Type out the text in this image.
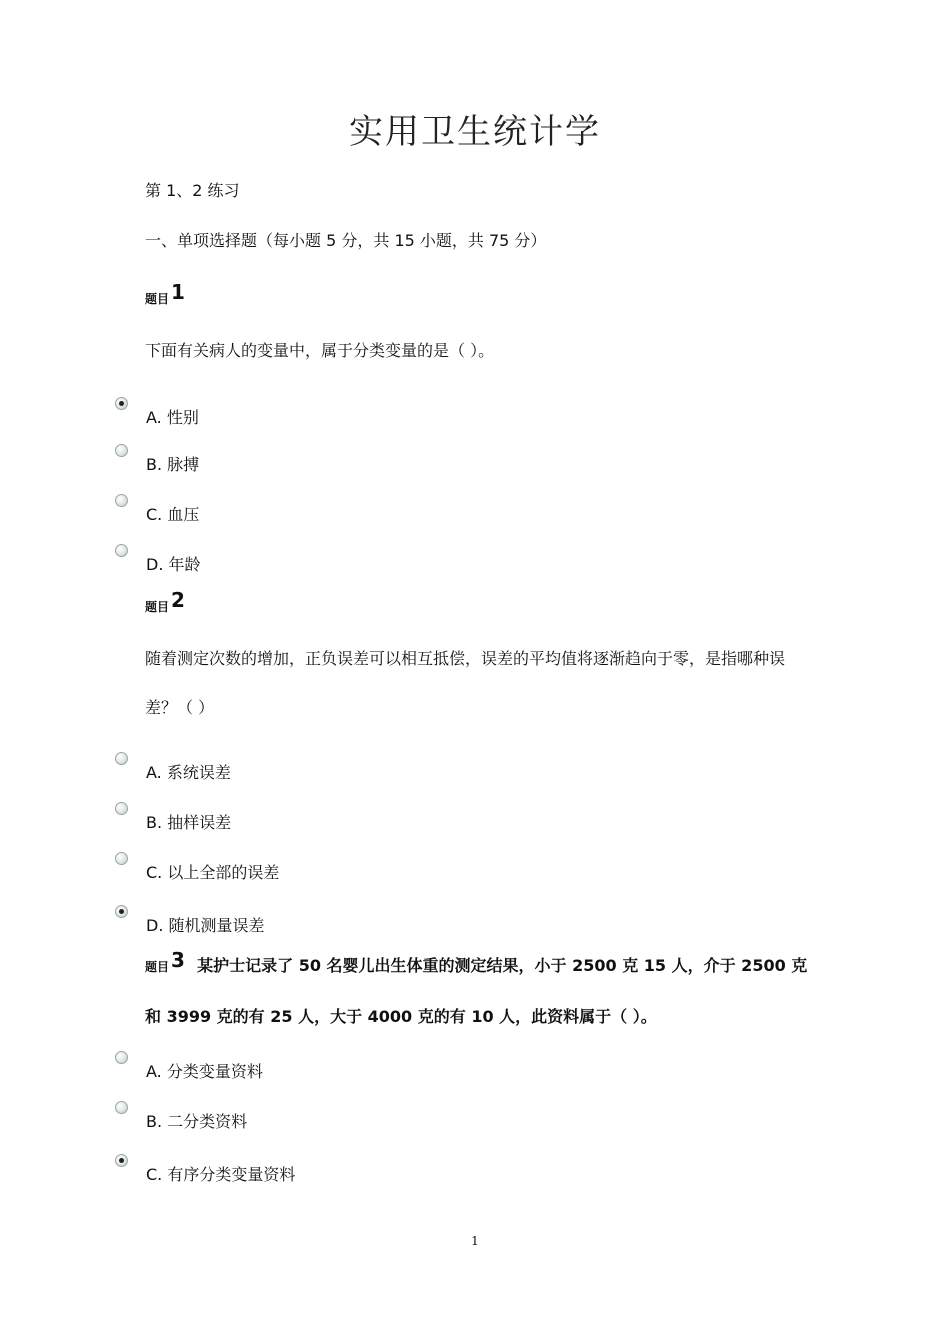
实用卫生统计学
第 1、2 练习
一、单项选择题（每小题 5 分，共 15 小题，共 75 分）
题目 1
下面有关病人的变量中，属于分类变量的是（ ）。
A. 性别
B. 脉搏
C. 血压
D. 年龄
题目 2
随着测定次数的增加，正负误差可以相互抵偿，误差的平均值将逐渐趋向于零，是指哪种误
差？（ ）
A. 系统误差
B. 抽样误差
C. 以上全部的误差
D. 随机测量误差
题目 3 某护士记录了 50 名婴儿出生体重的测定结果，小于 2500 克 15 人，介于 2500 克
和 3999 克的有 25 人，大于 4000 克的有 10 人，此资料属于（ ）。
A. 分类变量资料
B. 二分类资料
C. 有序分类变量资料
1
